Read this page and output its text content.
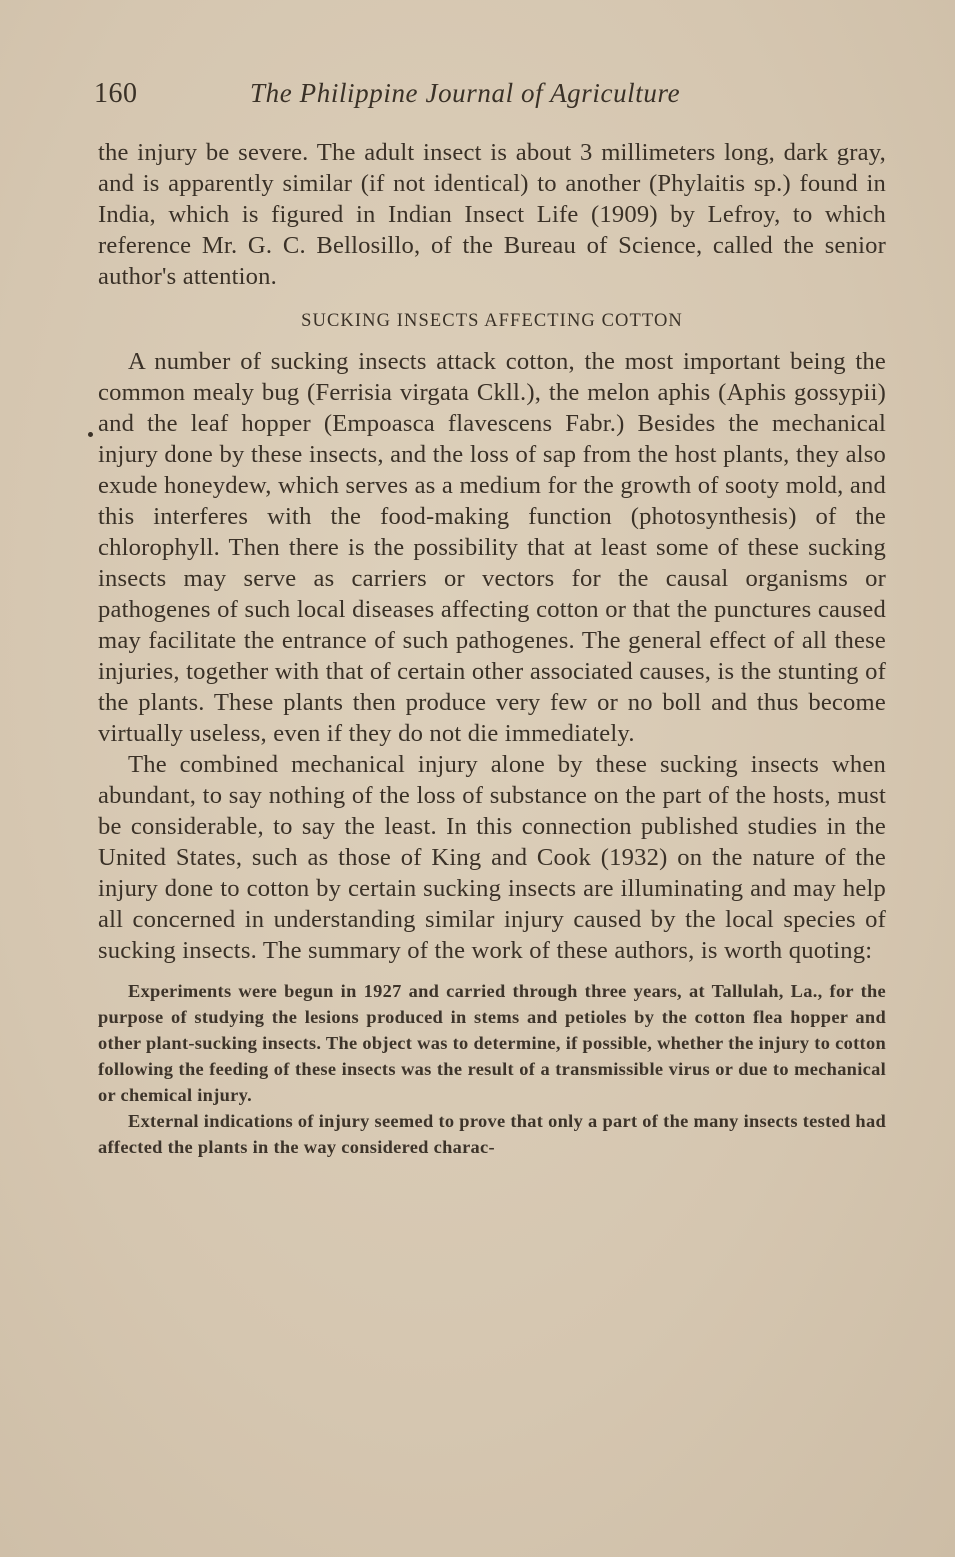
160	The Philippine Journal of Agriculture

the injury be severe. The adult insect is about 3 millimeters long, dark gray, and is apparently similar (if not identical) to another (Phylaitis sp.) found in India, which is figured in Indian Insect Life (1909) by Lefroy, to which reference Mr. G. C. Bellosillo, of the Bureau of Science, called the senior author's attention.

SUCKING INSECTS AFFECTING COTTON

A number of sucking insects attack cotton, the most important being the common mealy bug (Ferrisia virgata Ckll.), the melon aphis (Aphis gossypii) and the leaf hopper (Empoasca flavescens Fabr.) Besides the mechanical injury done by these insects, and the loss of sap from the host plants, they also exude honeydew, which serves as a medium for the growth of sooty mold, and this interferes with the food-making function (photosynthesis) of the chlorophyll. Then there is the possibility that at least some of these sucking insects may serve as carriers or vectors for the causal organisms or pathogenes of such local diseases affecting cotton or that the punctures caused may facilitate the entrance of such pathogenes. The general effect of all these injuries, together with that of certain other associated causes, is the stunting of the plants. These plants then produce very few or no boll and thus become virtually useless, even if they do not die immediately.

The combined mechanical injury alone by these sucking insects when abundant, to say nothing of the loss of substance on the part of the hosts, must be considerable, to say the least. In this connection published studies in the United States, such as those of King and Cook (1932) on the nature of the injury done to cotton by certain sucking insects are illuminating and may help all concerned in understanding similar injury caused by the local species of sucking insects. The summary of the work of these authors, is worth quoting:

Experiments were begun in 1927 and carried through three years, at Tallulah, La., for the purpose of studying the lesions produced in stems and petioles by the cotton flea hopper and other plant-sucking insects. The object was to determine, if possible, whether the injury to cotton following the feeding of these insects was the result of a transmissible virus or due to mechanical or chemical injury.

External indications of injury seemed to prove that only a part of the many insects tested had affected the plants in the way considered charac-
